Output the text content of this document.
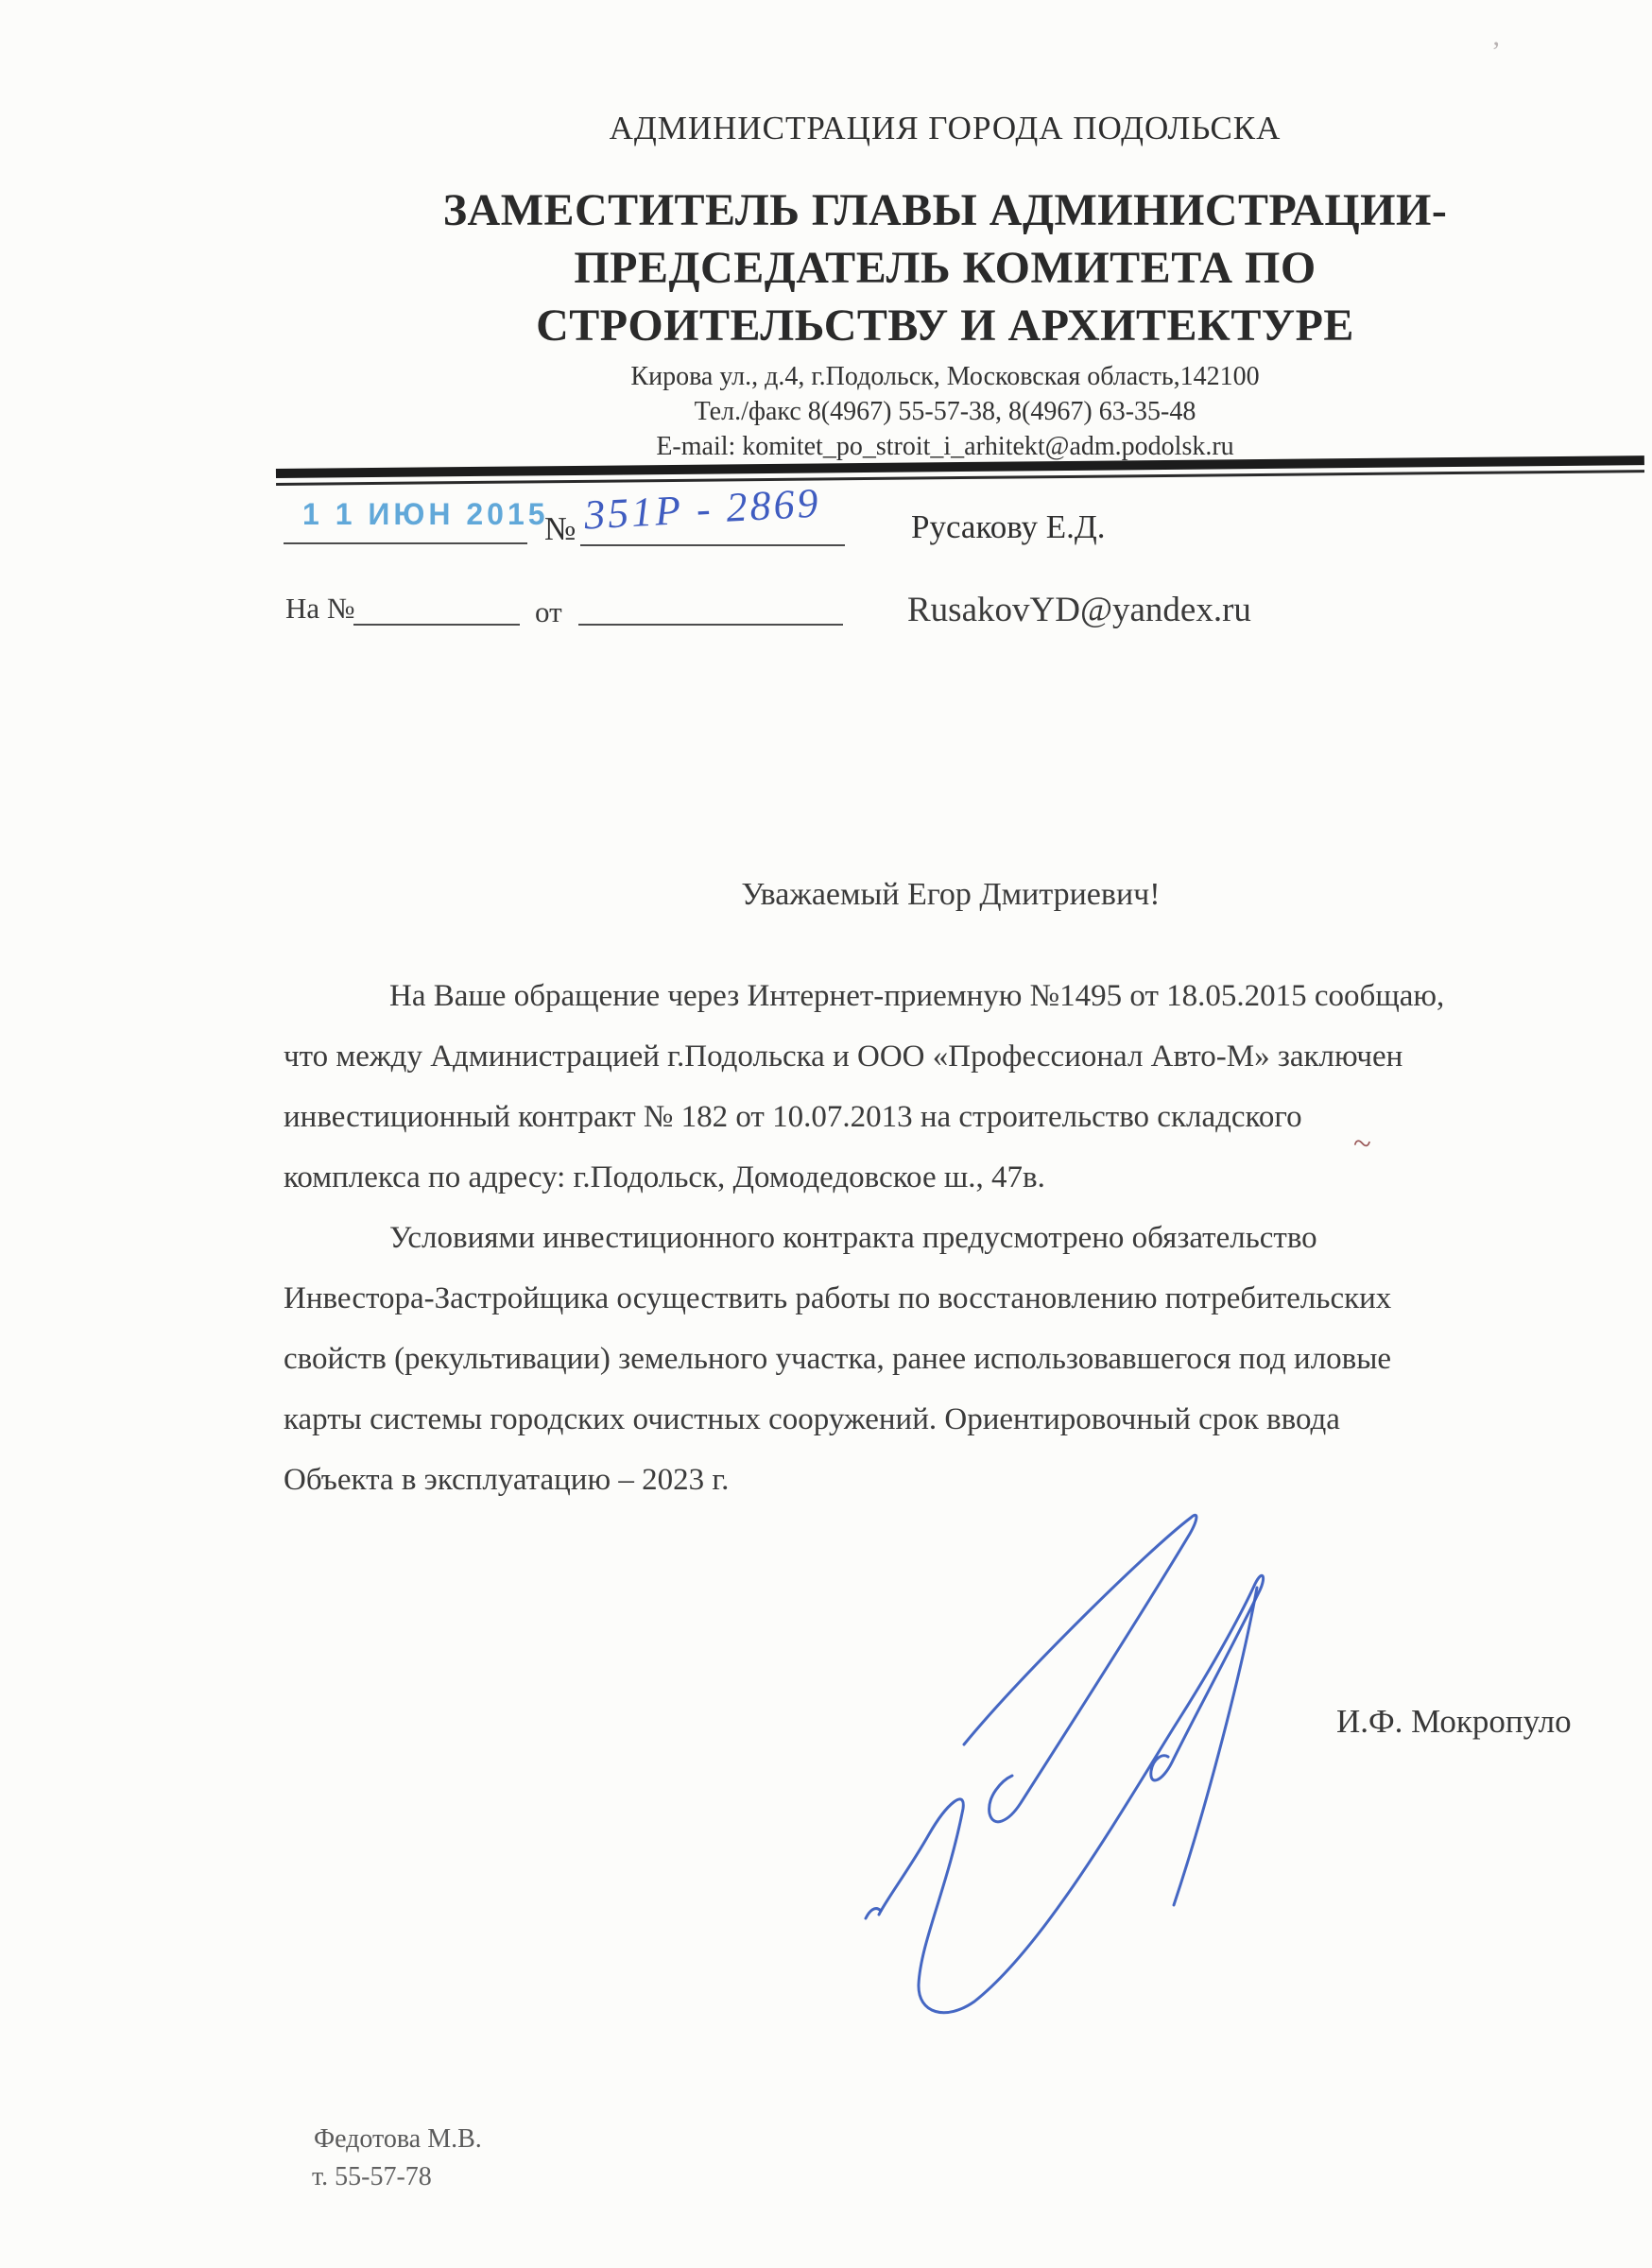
АДМИНИСТРАЦИЯ ГОРОДА ПОДОЛЬСКА
ЗАМЕСТИТЕЛЬ ГЛАВЫ АДМИНИСТРАЦИИ-
ПРЕДСЕДАТЕЛЬ КОМИТЕТА ПО
СТРОИТЕЛЬСТВУ И АРХИТЕКТУРЕ
Кирова ул., д.4, г.Подольск, Московская область,142100
Тел./факс 8(4967) 55-57-38, 8(4967) 63-35-48
E-mail: komitet_po_stroit_i_arhitekt@adm.podolsk.ru
1 1 ИЮН 2015
№ 351Р - 2869	Русакову Е.Д.
На №	от	RusakovYD@yandex.ru
Уважаемый Егор Дмитриевич!
На Ваше обращение через Интернет-приемную №1495 от 18.05.2015 сообщаю,
что между Администрацией г.Подольска и ООО «Профессионал Авто-М» заключен
инвестиционный контракт № 182 от 10.07.2013 на строительство складского
комплекса по адресу: г.Подольск, Домодедовское ш., 47в.
Условиями инвестиционного контракта предусмотрено обязательство
Инвестора-Застройщика осуществить работы по восстановлению потребительских
свойств (рекультивации) земельного участка, ранее использовавшегося под иловые
карты системы городских очистных сооружений. Ориентировочный срок ввода
Объекта в эксплуатацию – 2023 г.
И.Ф. Мокропуло
Федотова М.В.
т. 55-57-78
~
’
